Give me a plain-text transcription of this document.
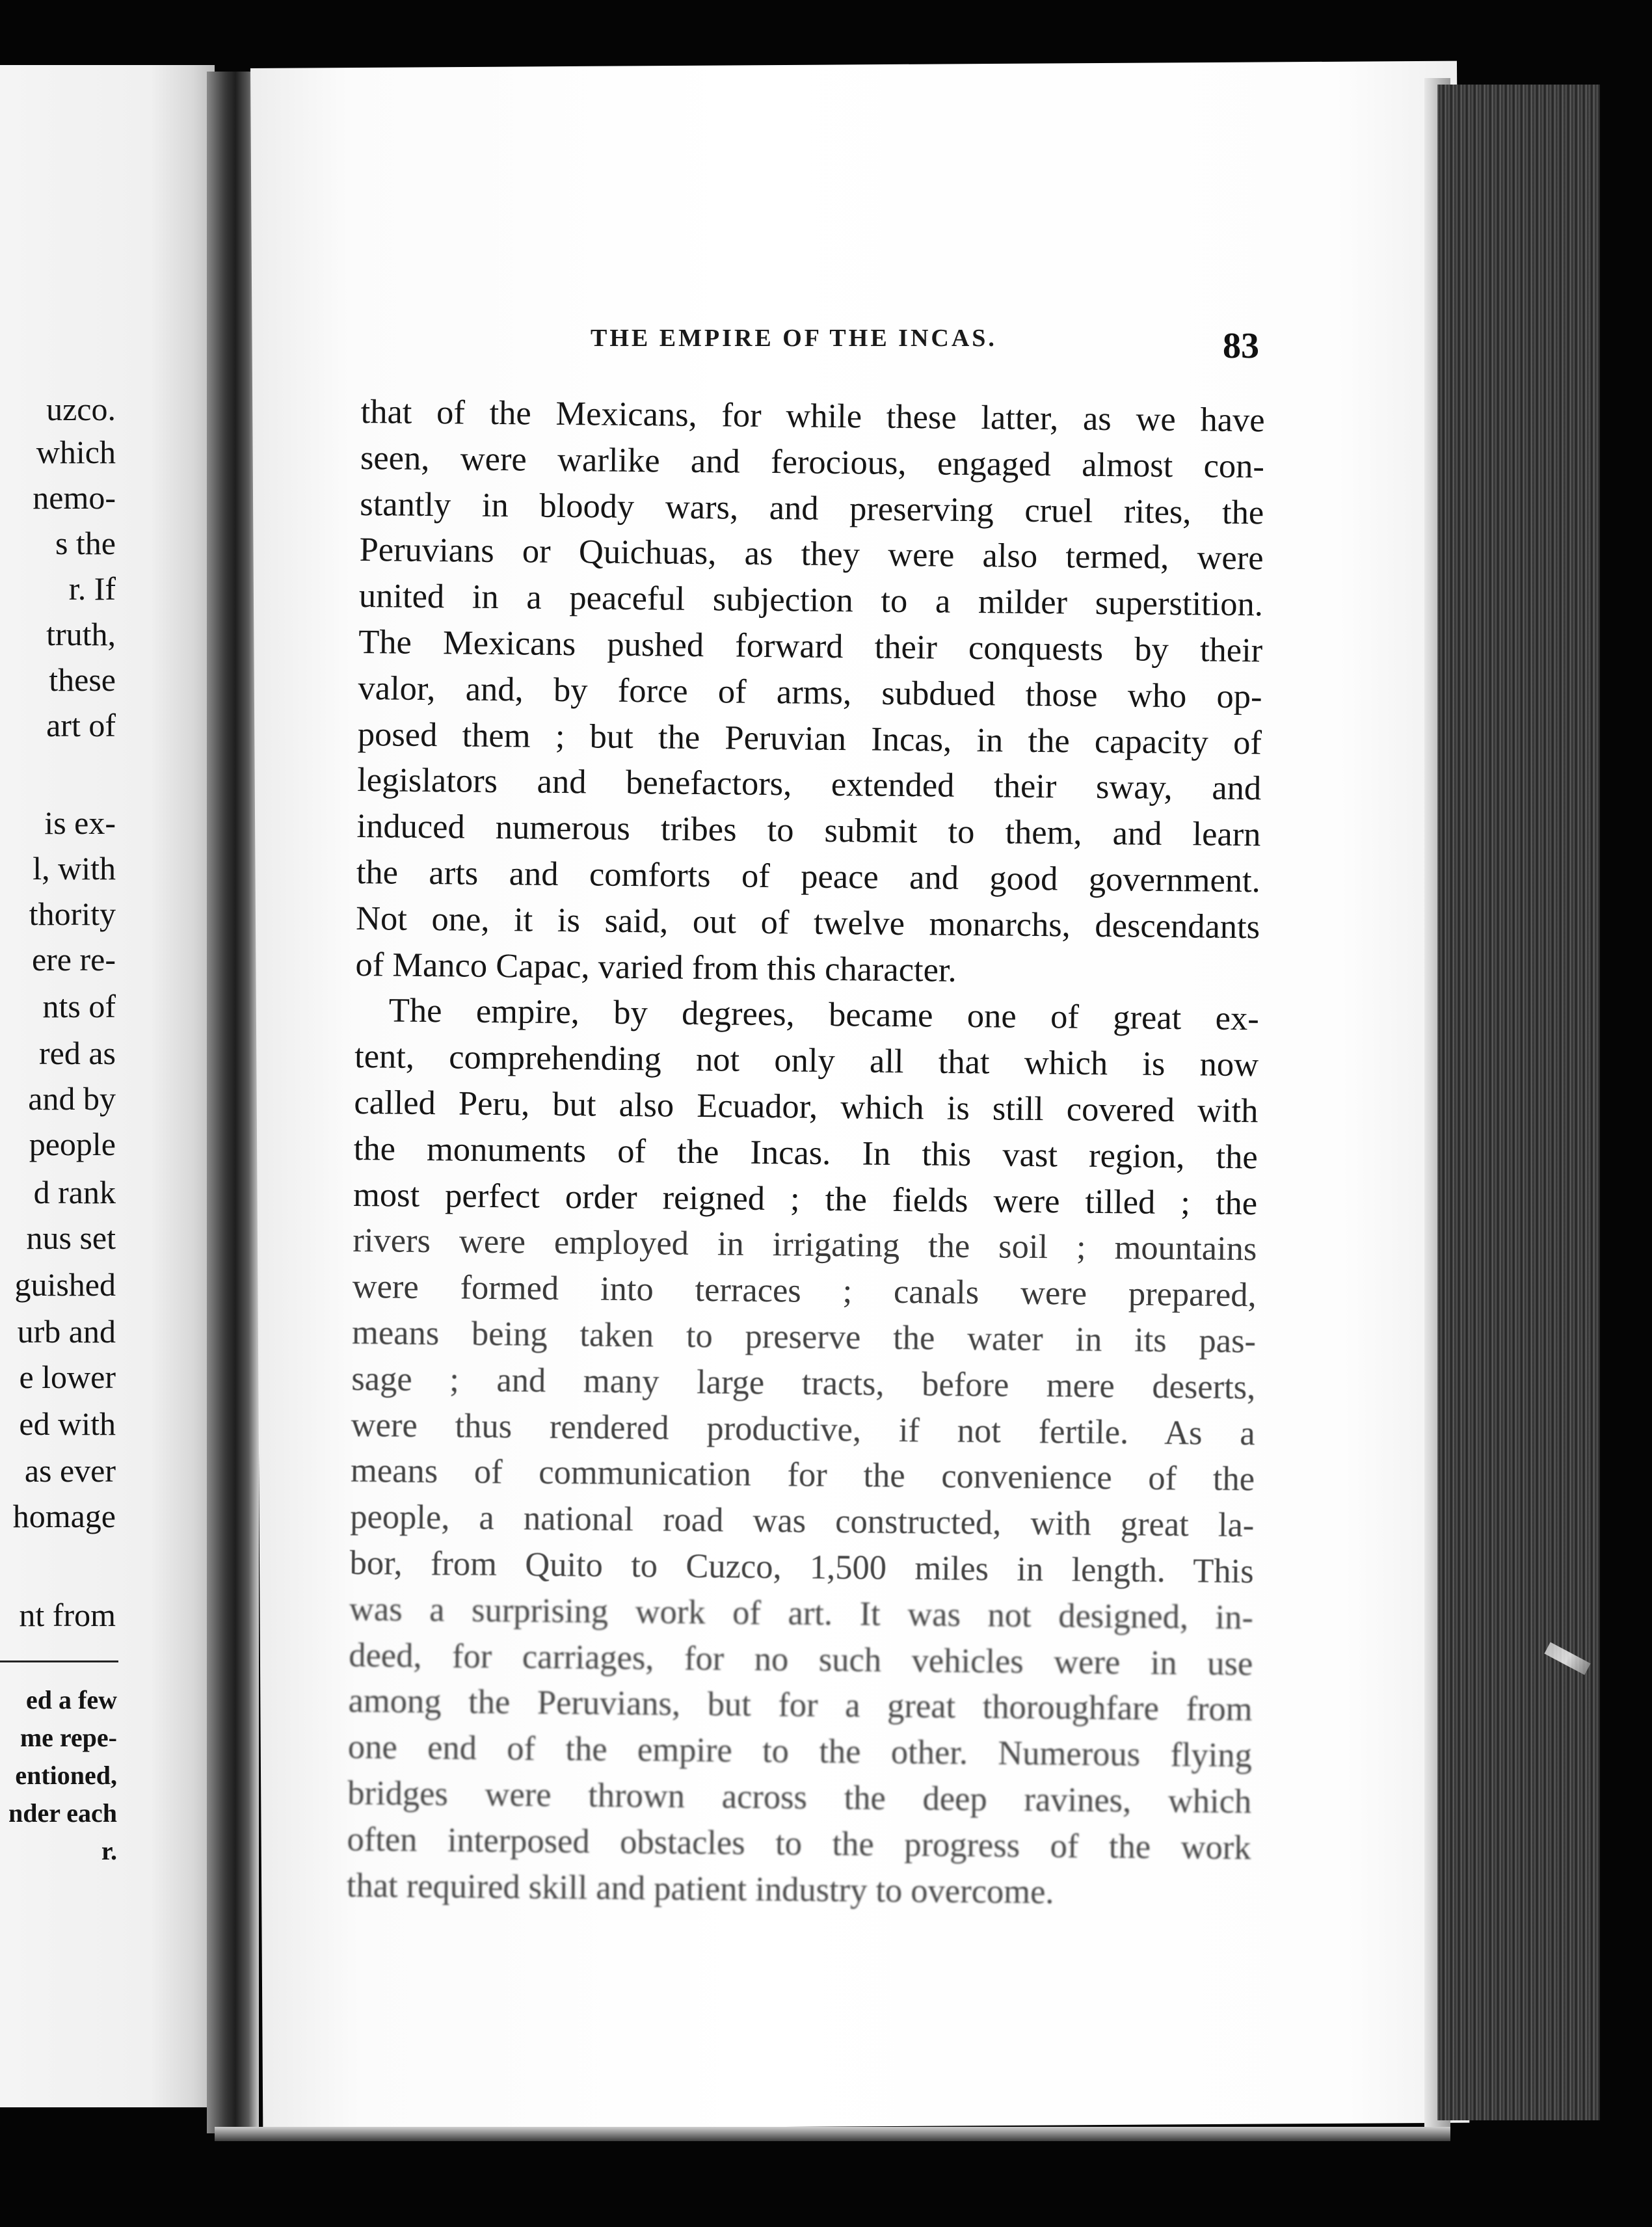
uzco.
which
nemo-
s the
r. If
truth,
these
art of
is ex-
l, with
thority
ere re-
nts of
red as
and by
people
d rank
nus set
guished
urb and
e lower
ed with
as ever
homage
nt from
ed a few
me repe-
entioned,
nder each
r.
THE EMPIRE OF THE INCAS.	83
that of the Mexicans, for while these latter, as we have
seen, were warlike and ferocious, engaged almost con-
stantly in bloody wars, and preserving cruel rites, the
Peruvians or Quichuas, as they were also termed, were
united in a peaceful subjection to a milder superstition.
The Mexicans pushed forward their conquests by their
valor, and, by force of arms, subdued those who op-
posed them ; but the Peruvian Incas, in the capacity of
legislators and benefactors, extended their sway, and
induced numerous tribes to submit to them, and learn
the arts and comforts of peace and good government.
Not one, it is said, out of twelve monarchs, descendants
of Manco Capac, varied from this character.
The empire, by degrees, became one of great ex-
tent, comprehending not only all that which is now
called Peru, but also Ecuador, which is still covered with
the monuments of the Incas. In this vast region, the
most perfect order reigned ; the fields were tilled ; the
rivers were employed in irrigating the soil ; mountains
were formed into terraces ; canals were prepared,
means being taken to preserve the water in its pas-
sage ; and many large tracts, before mere deserts,
were thus rendered productive, if not fertile. As a
means of communication for the convenience of the
people, a national road was constructed, with great la-
bor, from Quito to Cuzco, 1,500 miles in length. This
was a surprising work of art. It was not designed, in-
deed, for carriages, for no such vehicles were in use
among the Peruvians, but for a great thoroughfare from
one end of the empire to the other. Numerous flying
bridges were thrown across the deep ravines, which
often interposed obstacles to the progress of the work
that required skill and patient industry to overcome.
